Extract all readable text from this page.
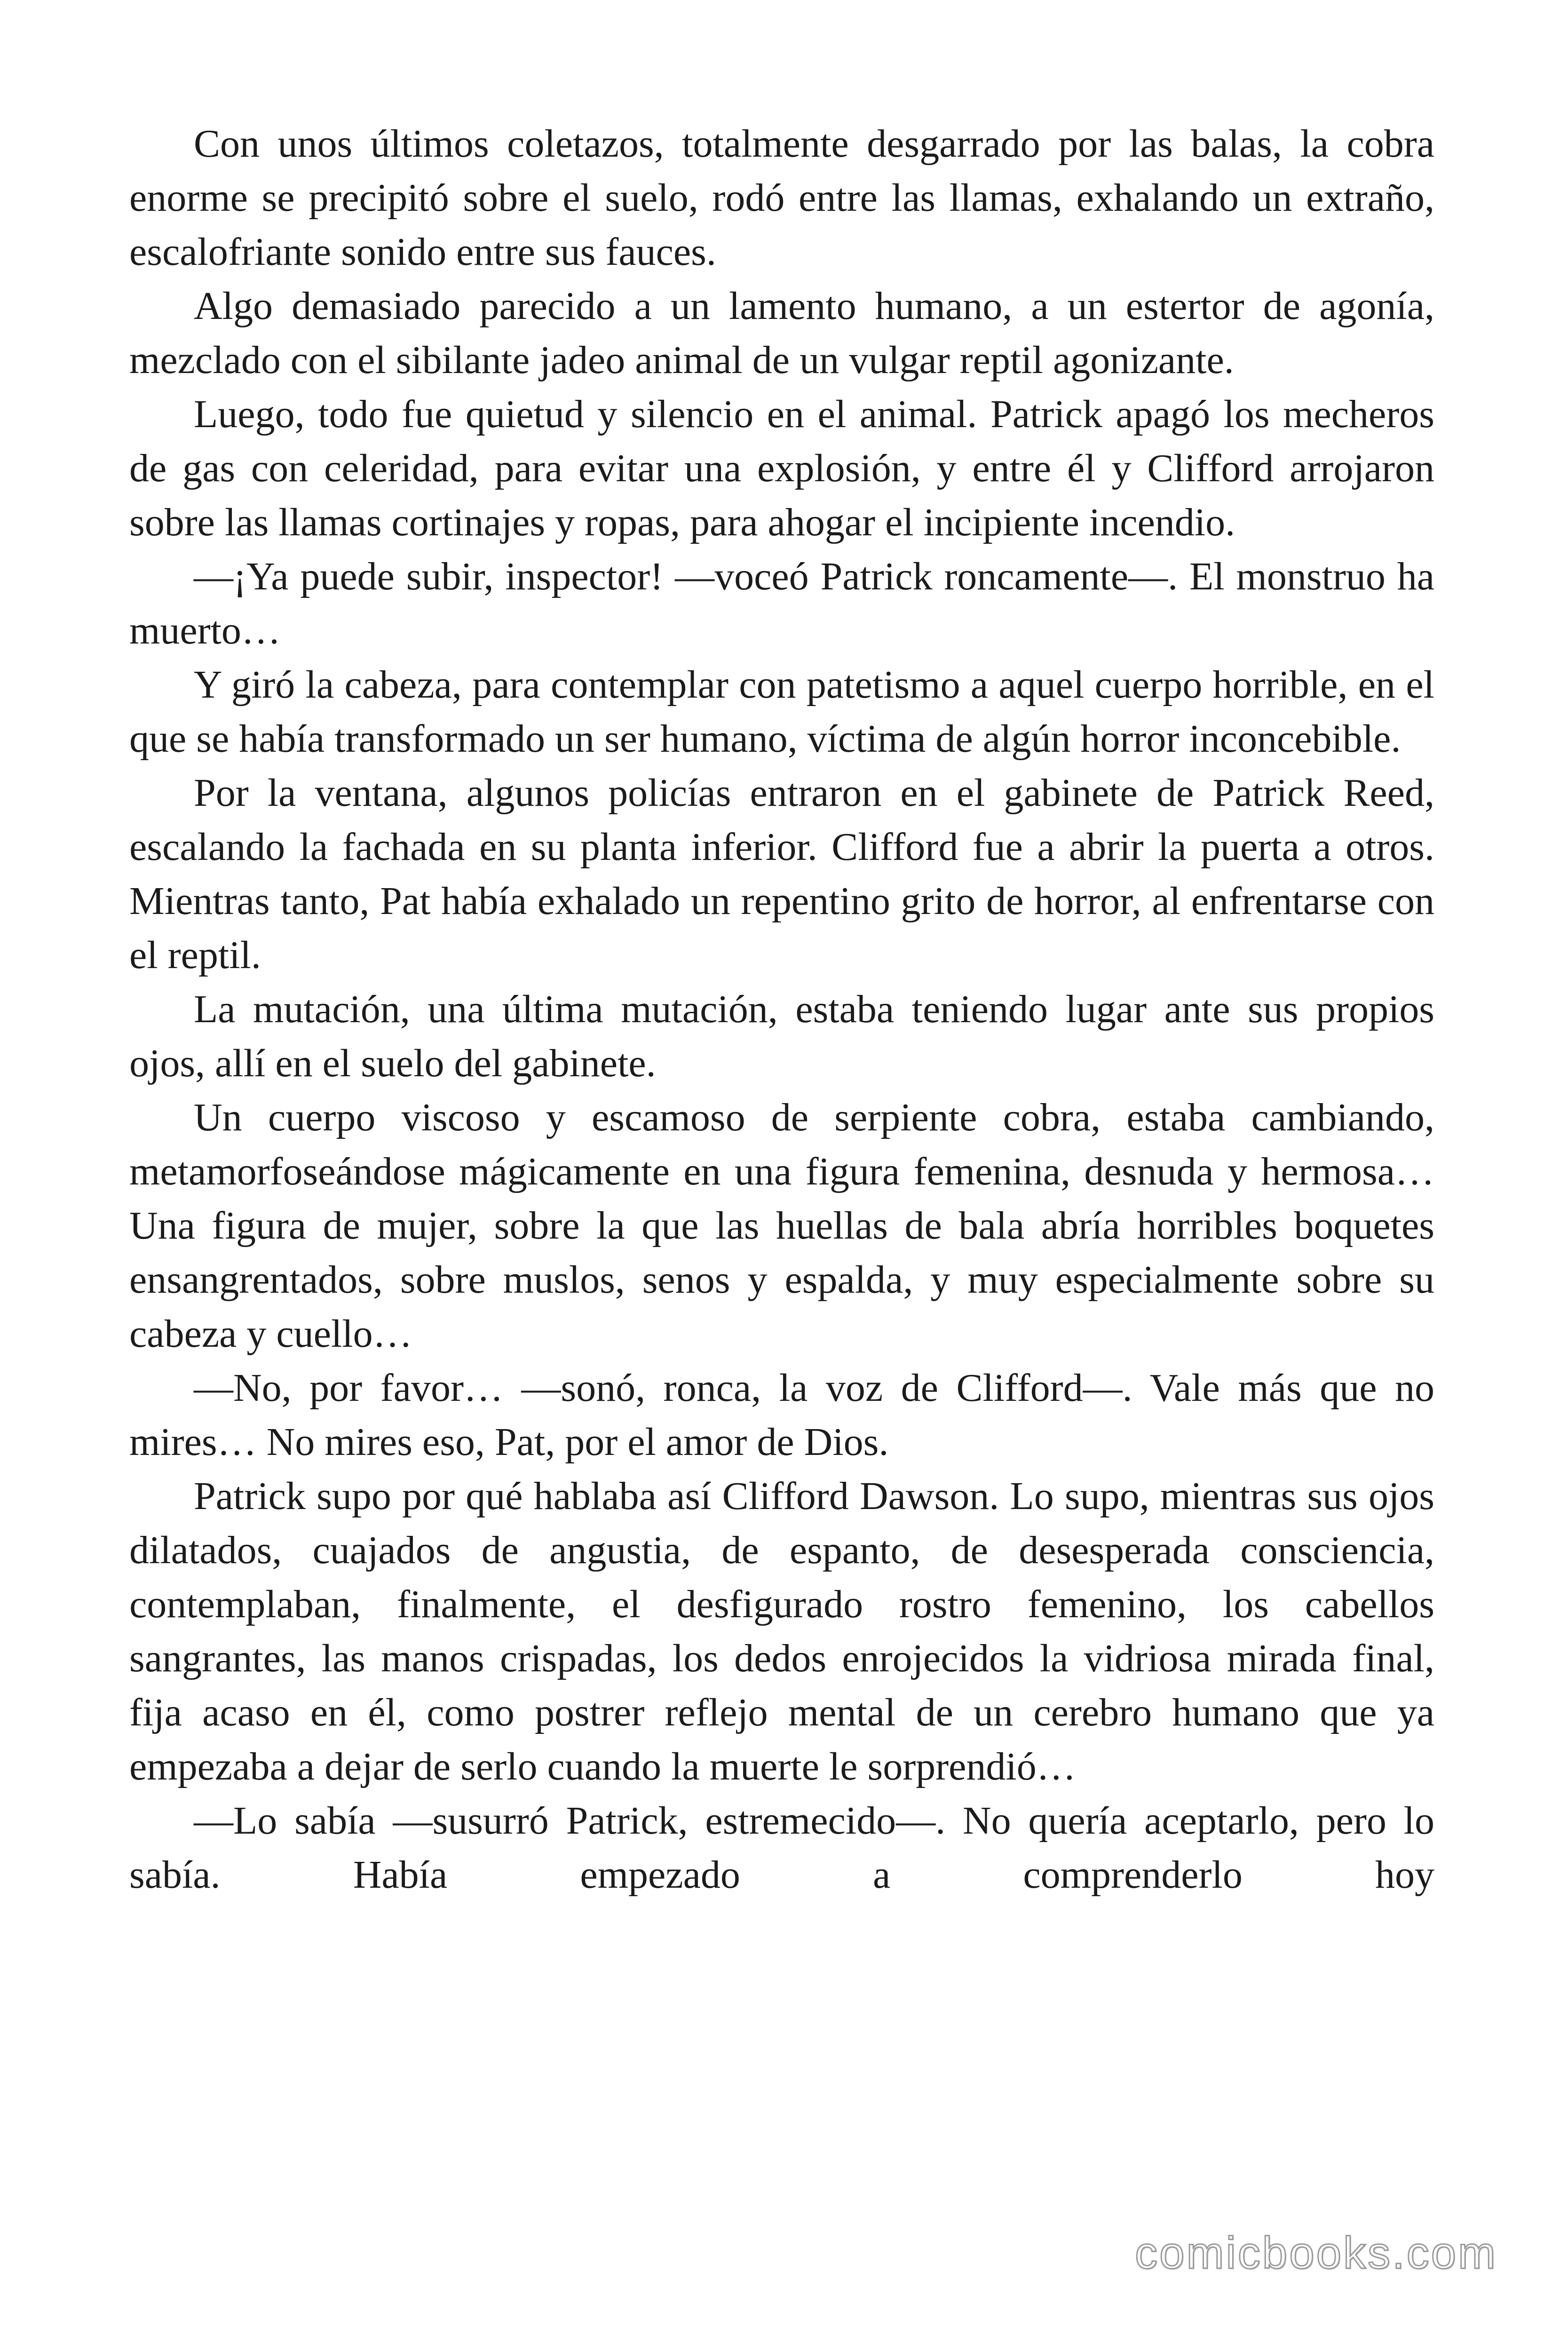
Con unos últimos coletazos, totalmente desgarrado por las balas, la cobra enorme se precipitó sobre el suelo, rodó entre las llamas, exhalando un extraño, escalofriante sonido entre sus fauces.

Algo demasiado parecido a un lamento humano, a un estertor de agonía, mezclado con el sibilante jadeo animal de un vulgar reptil agonizante.

Luego, todo fue quietud y silencio en el animal. Patrick apagó los mecheros de gas con celeridad, para evitar una explosión, y entre él y Clifford arrojaron sobre las llamas cortinajes y ropas, para ahogar el incipiente incendio.

—¡Ya puede subir, inspector! —voceó Patrick roncamente—. El monstruo ha muerto…

Y giró la cabeza, para contemplar con patetismo a aquel cuerpo horrible, en el que se había transformado un ser humano, víctima de algún horror inconcebible.

Por la ventana, algunos policías entraron en el gabinete de Patrick Reed, escalando la fachada en su planta inferior. Clifford fue a abrir la puerta a otros. Mientras tanto, Pat había exhalado un repentino grito de horror, al enfrentarse con el reptil.

La mutación, una última mutación, estaba teniendo lugar ante sus propios ojos, allí en el suelo del gabinete.

Un cuerpo viscoso y escamoso de serpiente cobra, estaba cambiando, metamorfoseándose mágicamente en una figura femenina, desnuda y hermosa… Una figura de mujer, sobre la que las huellas de bala abría horribles boquetes ensangrentados, sobre muslos, senos y espalda, y muy especialmente sobre su cabeza y cuello…

—No, por favor… —sonó, ronca, la voz de Clifford—. Vale más que no mires… No mires eso, Pat, por el amor de Dios.

Patrick supo por qué hablaba así Clifford Dawson. Lo supo, mientras sus ojos dilatados, cuajados de angustia, de espanto, de desesperada consciencia, contemplaban, finalmente, el desfigurado rostro femenino, los cabellos sangrantes, las manos crispadas, los dedos enrojecidos la vidriosa mirada final, fija acaso en él, como postrer reflejo mental de un cerebro humano que ya empezaba a dejar de serlo cuando la muerte le sorprendió…

—Lo sabía —susurró Patrick, estremecido—. No quería aceptarlo, pero lo sabía. Había empezado a comprenderlo hoy

comicbooks.com
